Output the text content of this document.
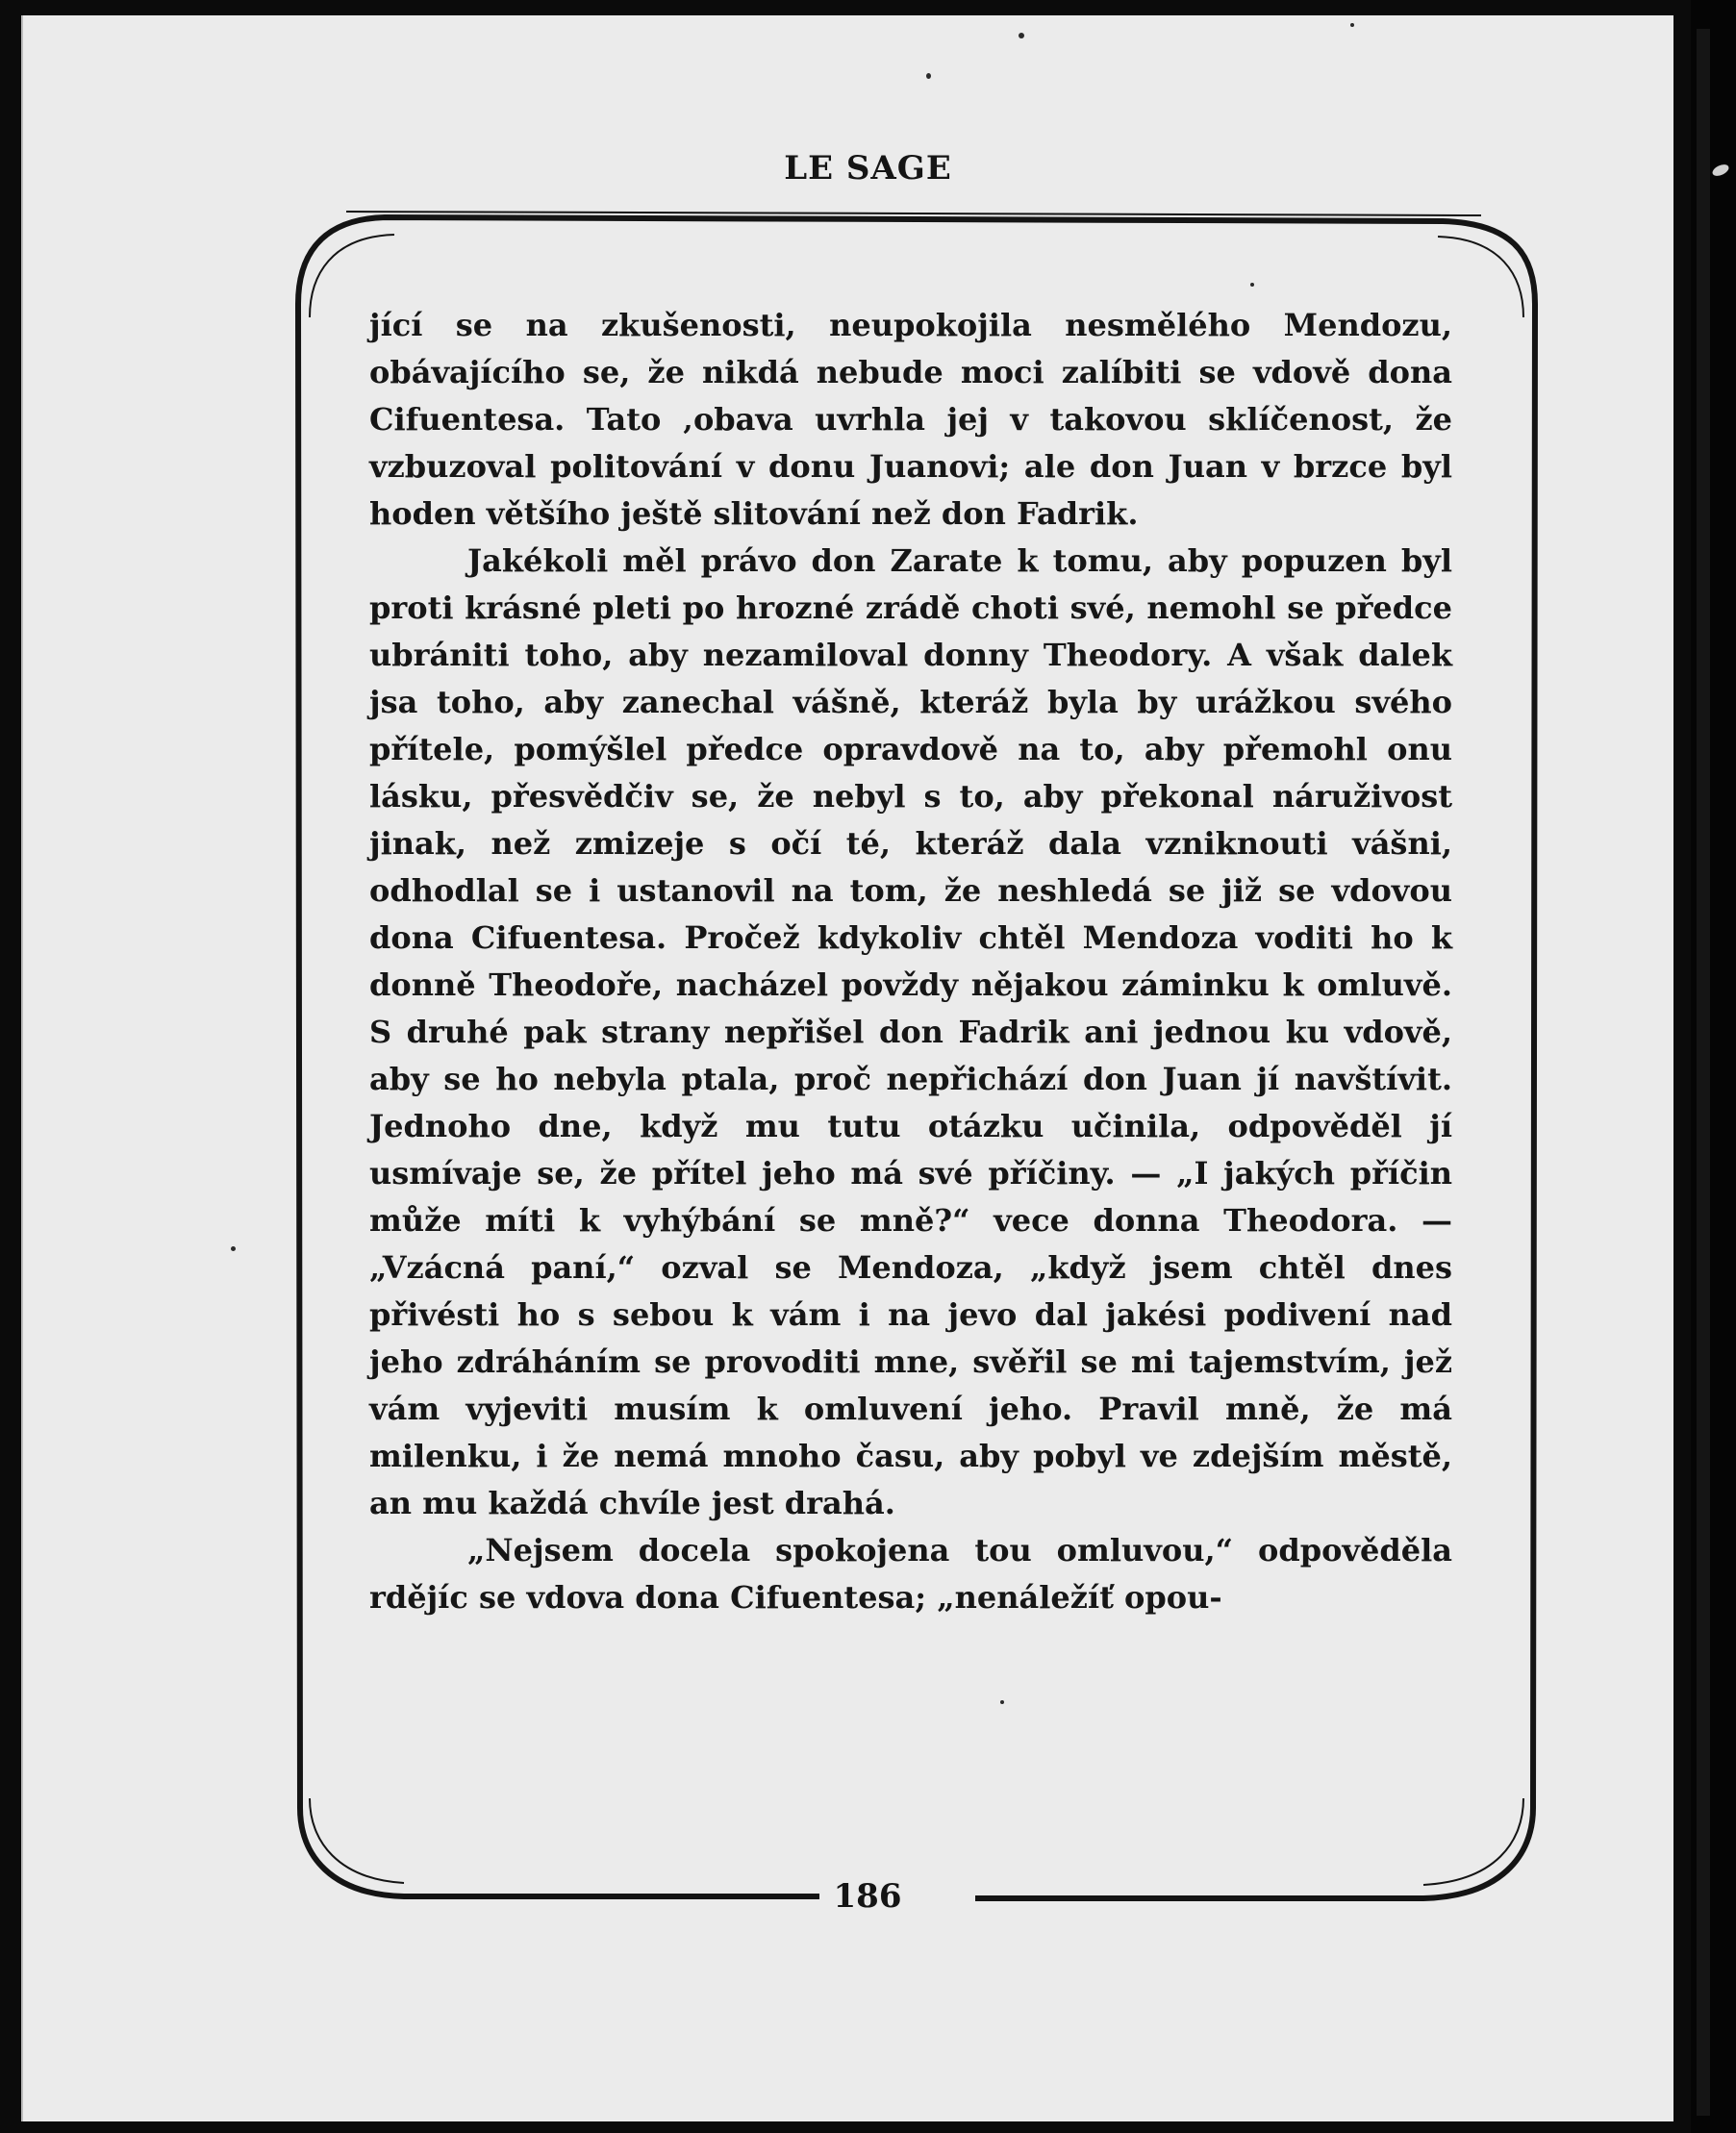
LE SAGE
186

jící se na zkušenosti, neupokojila nesmělého Mendozu, obávajícího se, že nikdá nebude moci zalíbiti se vdově dona Cifuentesa. Tato ‚obava uvrhla jej v takovou sklíčenost, že vzbuzoval politování v donu Juanovi; ale don Juan v brzce byl hoden většího ještě slitování než don Fadrik.

Jakékoli měl právo don Zarate k tomu, aby popuzen byl proti krásné pleti po hrozné zrádě choti své, nemohl se předce ubrániti toho, aby nezamiloval donny Theodory. A však dalek jsa toho, aby zanechal vášně, kteráž byla by urážkou svého přítele, pomýšlel předce opravdově na to, aby přemohl onu lásku, přesvědčiv se, že nebyl s to, aby překonal náruživost jinak, než zmizeje s očí té, kteráž dala vzniknouti vášni, odhodlal se i ustanovil na tom, že neshledá se již se vdovou dona Cifuentesa. Pročež kdykoliv chtěl Mendoza voditi ho k donně Theodoře, nacházel povždy nějakou záminku k omluvě. S druhé pak strany nepřišel don Fadrik ani jednou ku vdově, aby se ho nebyla ptala, proč nepřichází don Juan jí navštívit. Jednoho dne, když mu tutu otázku učinila, odpověděl jí usmívaje se, že přítel jeho má své příčiny. — „I jakých příčin může míti k vyhýbání se mně?“ vece donna Theodora. — „Vzácná paní,“ ozval se Mendoza, „když jsem chtěl dnes přivésti ho s sebou k vám i na jevo dal jakési podivení nad jeho zdráháním se provoditi mne, svěřil se mi tajemstvím, jež vám vyjeviti musím k omluvení jeho. Pravil mně, že má milenku, i že nemá mnoho času, aby pobyl ve zdejším městě, an mu každá chvíle jest drahá.

„Nejsem docela spokojena tou omluvou,“ odpověděla rdějíc se vdova dona Cifuentesa; „nenáležíť opou-
